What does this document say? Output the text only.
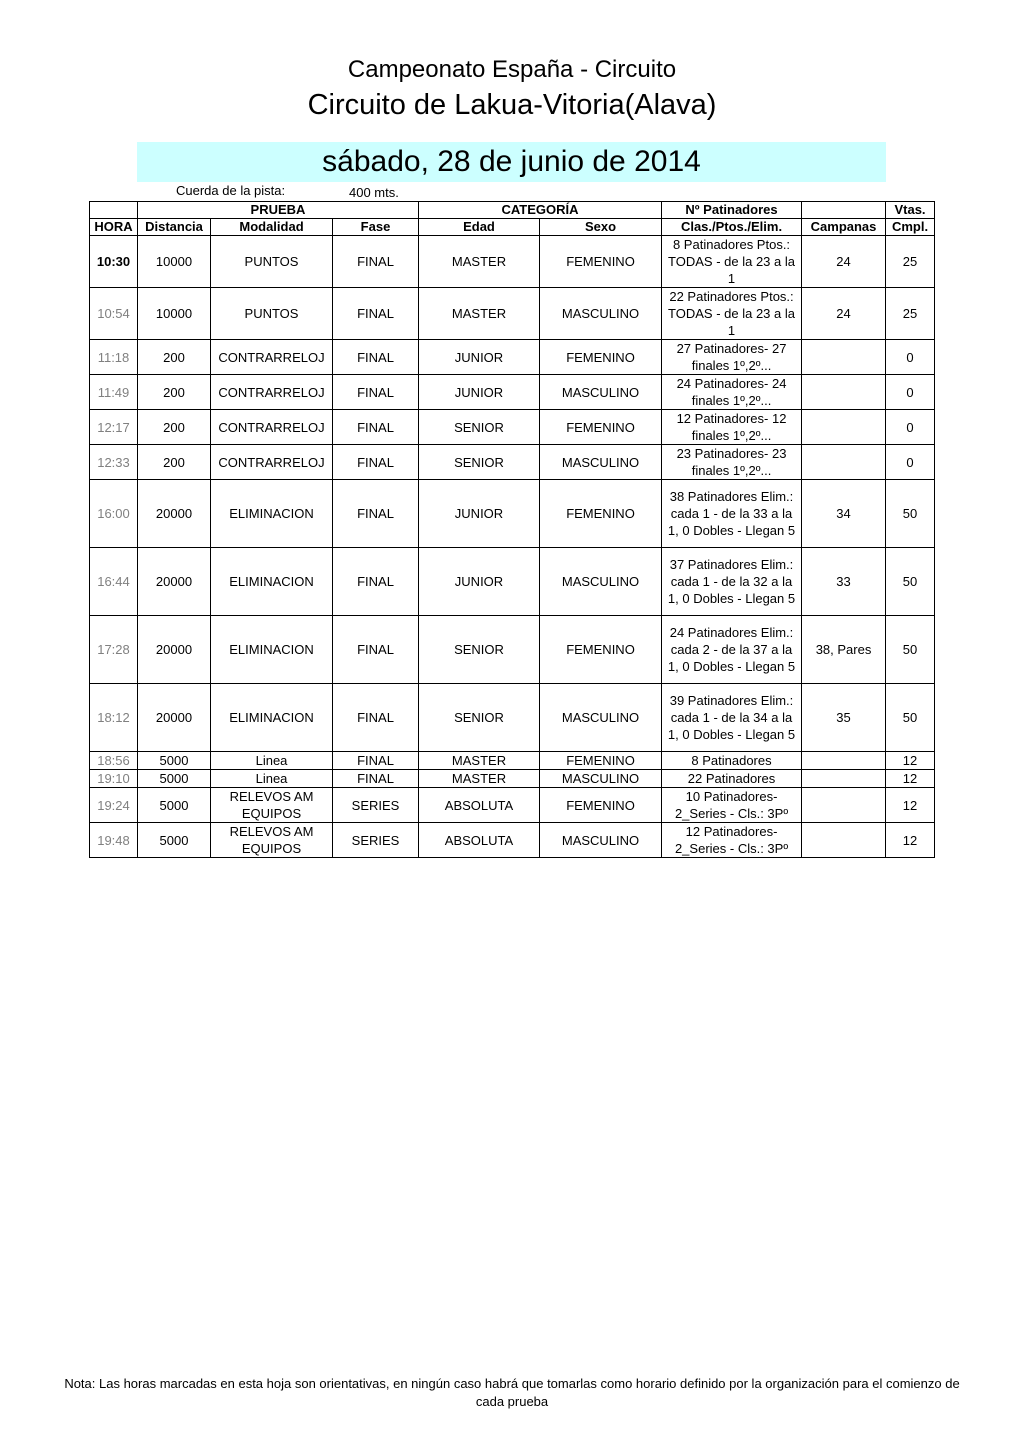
Campeonato España - Circuito
Circuito de Lakua-Vitoria(Alava)
sábado, 28 de junio de 2014
Cuerda de la pista:	400 mts.
	PRUEBA			CATEGORÍA		Nº Patinadores		Vtas.
HORA	Distancia	Modalidad	Fase	Edad	Sexo	Clas./Ptos./Elim.	Campanas	Cmpl.
10:30	10000	PUNTOS	FINAL	MASTER	FEMENINO	8 Patinadores Ptos.: TODAS - de la 23 a la 1	24	25
10:54	10000	PUNTOS	FINAL	MASTER	MASCULINO	22 Patinadores Ptos.: TODAS - de la 23 a la 1	24	25
11:18	200	CONTRARRELOJ	FINAL	JUNIOR	FEMENINO	27 Patinadores- 27 finales 1º,2º...		0
11:49	200	CONTRARRELOJ	FINAL	JUNIOR	MASCULINO	24 Patinadores- 24 finales 1º,2º...		0
12:17	200	CONTRARRELOJ	FINAL	SENIOR	FEMENINO	12 Patinadores- 12 finales 1º,2º...		0
12:33	200	CONTRARRELOJ	FINAL	SENIOR	MASCULINO	23 Patinadores- 23 finales 1º,2º...		0
16:00	20000	ELIMINACION	FINAL	JUNIOR	FEMENINO	38 Patinadores Elim.: cada 1 - de la 33 a la 1, 0 Dobles - Llegan 5	34	50
16:44	20000	ELIMINACION	FINAL	JUNIOR	MASCULINO	37 Patinadores Elim.: cada 1 - de la 32 a la 1, 0 Dobles - Llegan 5	33	50
17:28	20000	ELIMINACION	FINAL	SENIOR	FEMENINO	24 Patinadores Elim.: cada 2 - de la 37 a la 1, 0 Dobles - Llegan 5	38, Pares	50
18:12	20000	ELIMINACION	FINAL	SENIOR	MASCULINO	39 Patinadores Elim.: cada 1 - de la 34 a la 1, 0 Dobles - Llegan 5	35	50
18:56	5000	Linea	FINAL	MASTER	FEMENINO	8 Patinadores		12
19:10	5000	Linea	FINAL	MASTER	MASCULINO	22 Patinadores		12
19:24	5000	RELEVOS AM EQUIPOS	SERIES	ABSOLUTA	FEMENINO	10 Patinadores- 2_Series - Cls.: 3Pº		12
19:48	5000	RELEVOS AM EQUIPOS	SERIES	ABSOLUTA	MASCULINO	12 Patinadores- 2_Series - Cls.: 3Pº		12
Nota: Las horas marcadas en esta hoja son orientativas, en ningún caso habrá que tomarlas como horario definido por la organización para el comienzo de cada prueba
